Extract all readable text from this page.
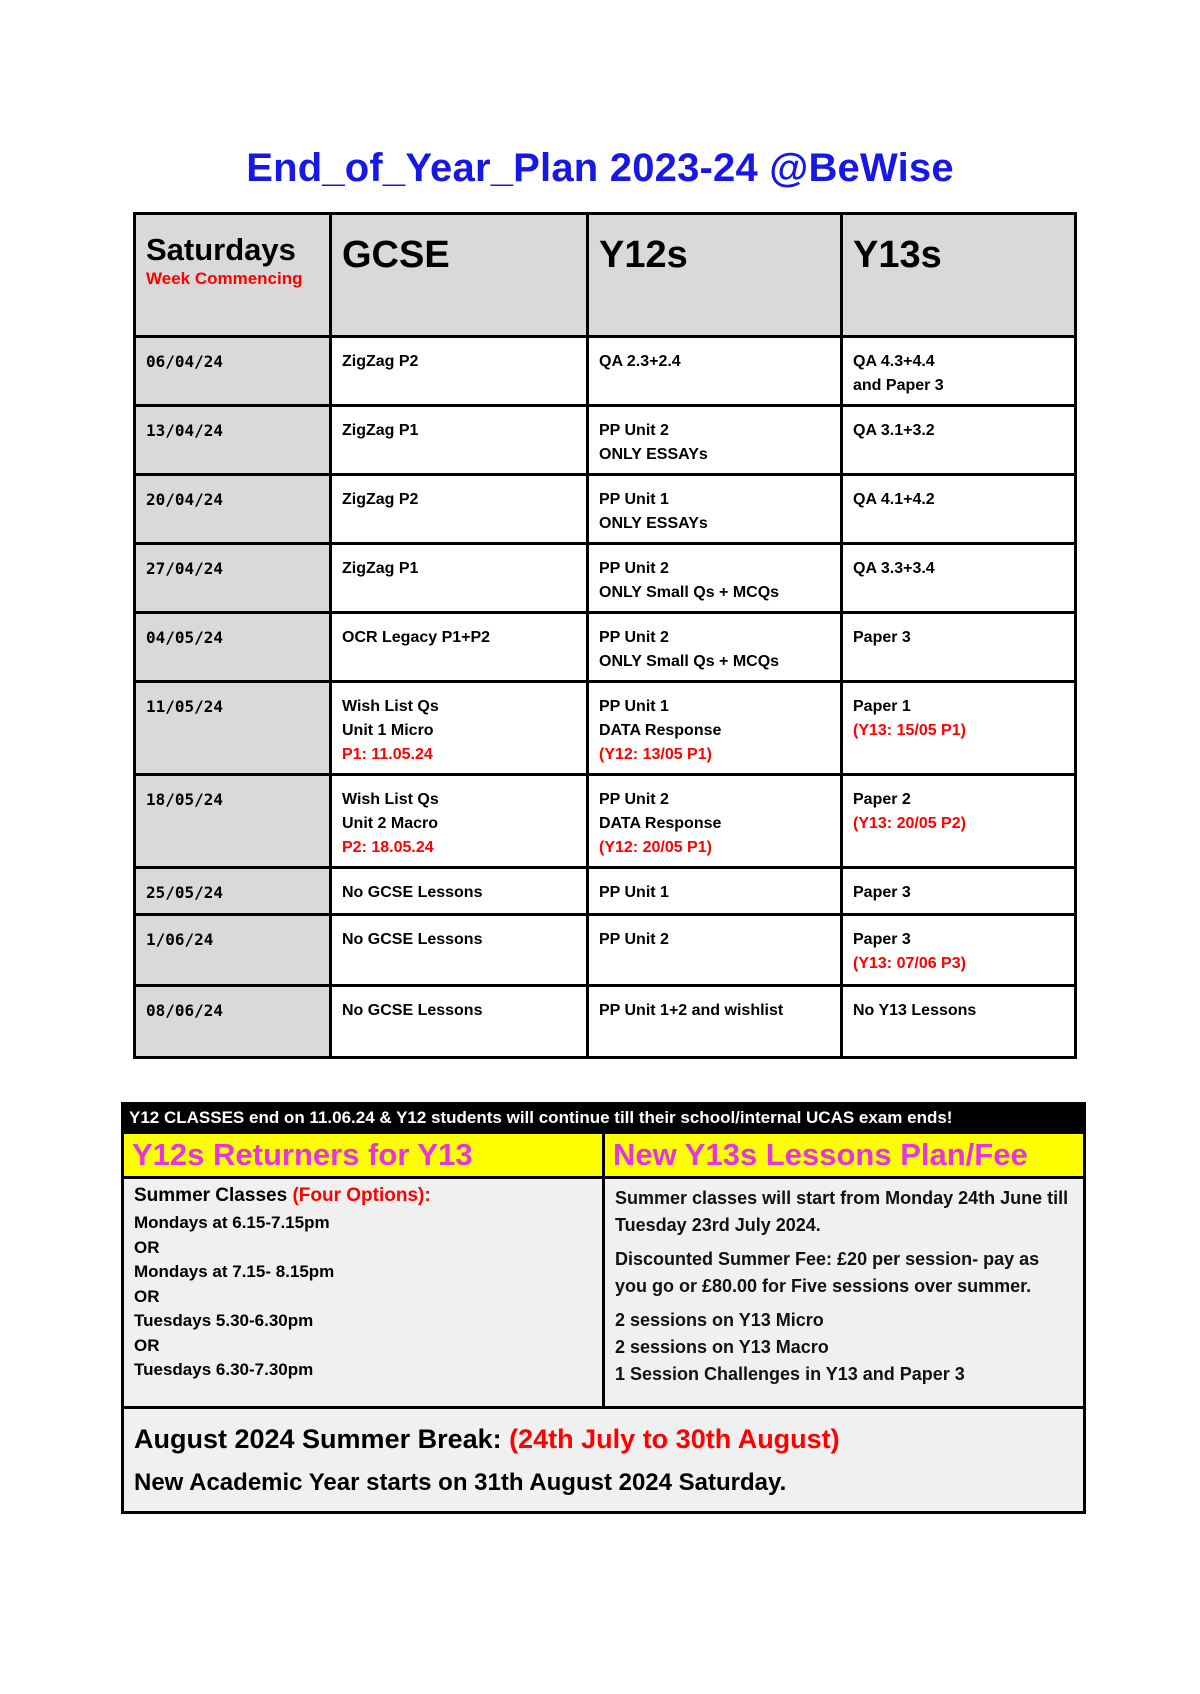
End_of_Year_Plan 2023-24 @BeWise
Saturdays
Week Commencing	GCSE	Y12s	Y13s

06/04/24	ZigZag P2	QA 2.3+2.4	QA 4.3+4.4
and Paper 3

13/04/24	ZigZag P1	PP Unit 2
ONLY ESSAYs	QA 3.1+3.2

20/04/24	ZigZag P2	PP Unit 1
ONLY ESSAYs	QA 4.1+4.2

27/04/24	ZigZag P1	PP Unit 2
ONLY Small Qs + MCQs	QA 3.3+3.4

04/05/24	OCR Legacy P1+P2	PP Unit 2
ONLY Small Qs + MCQs	Paper 3

11/05/24	Wish List Qs
Unit 1 Micro
P1: 11.05.24	PP Unit 1
DATA Response
(Y12: 13/05 P1)	Paper 1
(Y13: 15/05 P1)

18/05/24	Wish List Qs
Unit 2 Macro
P2: 18.05.24	PP Unit 2
DATA Response
(Y12: 20/05 P1)	Paper 2
(Y13: 20/05 P2)

25/05/24	No GCSE Lessons	PP Unit 1	Paper 3

1/06/24	No GCSE Lessons	PP Unit 2	Paper 3
(Y13: 07/06 P3)

08/06/24	No GCSE Lessons	PP Unit 1+2 and wishlist	No Y13 Lessons
Y12 CLASSES end on 11.06.24 & Y12 students will continue till their school/internal UCAS exam ends!
Y12s Returners for Y13
Summer Classes (Four Options):
Mondays at 6.15-7.15pm
OR
Mondays at 7.15- 8.15pm
OR
Tuesdays 5.30-6.30pm
OR
Tuesdays 6.30-7.30pm
New Y13s Lessons Plan/Fee
Summer classes will start from Monday 24th June till Tuesday 23rd July 2024.
Discounted Summer Fee: £20 per session- pay as you go or £80.00 for Five sessions over summer.
2 sessions on Y13 Micro
2 sessions on Y13 Macro
1 Session Challenges in Y13 and Paper 3
August 2024 Summer Break: (24th July to 30th August)
New Academic Year starts on 31th August 2024 Saturday.
